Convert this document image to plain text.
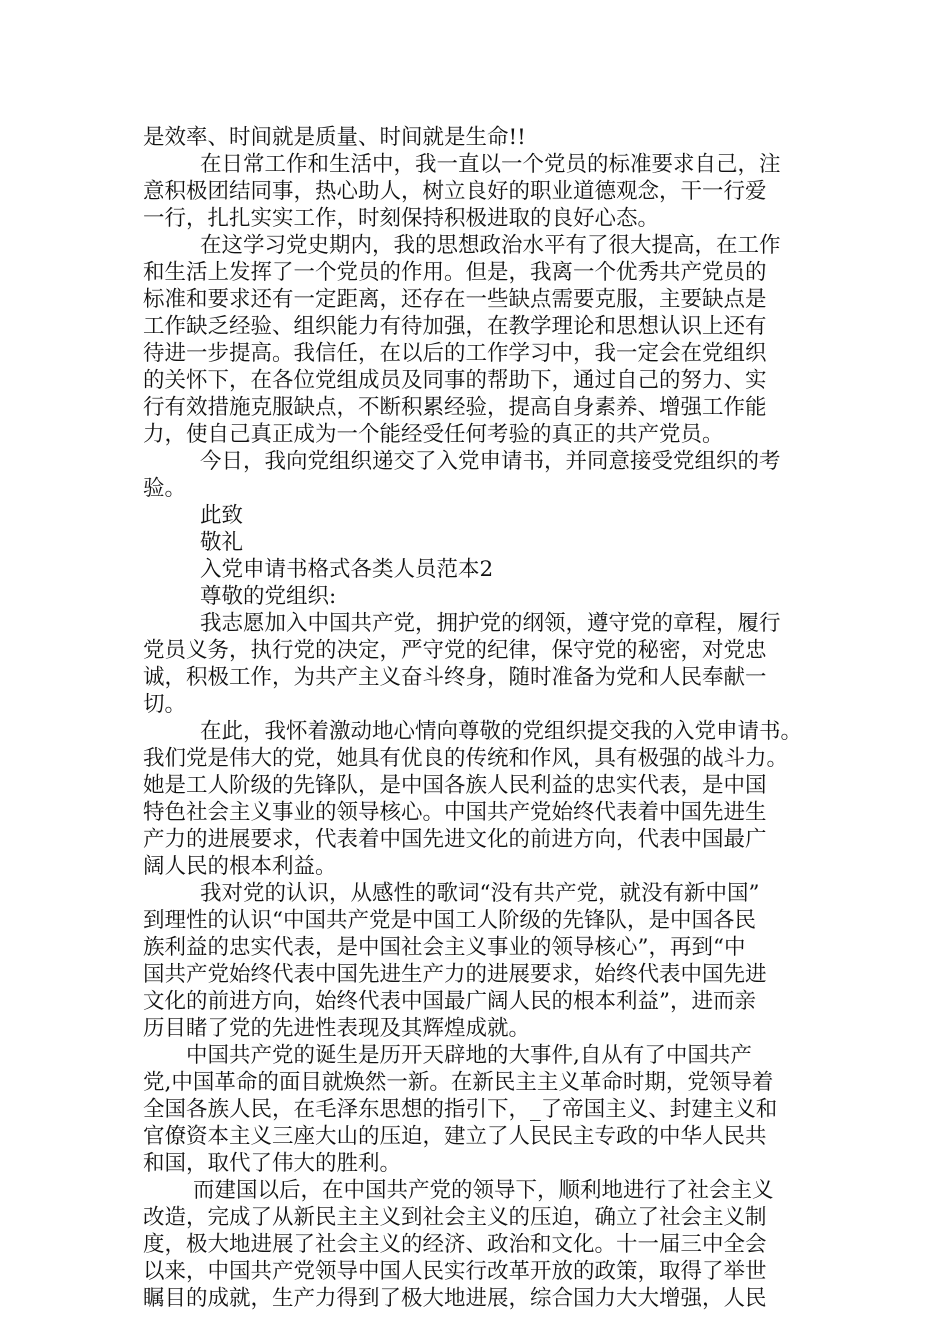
是效率、时间就是质量、时间就是生命!!
在日常工作和生活中，我一直以一个党员的标准要求自己，注
意积极团结同事，热心助人，树立良好的职业道德观念，干一行爱
一行，扎扎实实工作，时刻保持积极进取的良好心态。
在这学习党史期内，我的思想政治水平有了很大提高，在工作
和生活上发挥了一个党员的作用。但是，我离一个优秀共产党员的
标准和要求还有一定距离，还存在一些缺点需要克服，主要缺点是
工作缺乏经验、组织能力有待加强，在教学理论和思想认识上还有
待进一步提高。我信任，在以后的工作学习中，我一定会在党组织
的关怀下，在各位党组成员及同事的帮助下，通过自己的努力、实
行有效措施克服缺点，不断积累经验，提高自身素养、增强工作能
力，使自己真正成为一个能经受任何考验的真正的共产党员。
今日，我向党组织递交了入党申请书，并同意接受党组织的考
验。
此致
敬礼
入党申请书格式各类人员范本2
尊敬的党组织:
我志愿加入中国共产党，拥护党的纲领，遵守党的章程，履行
党员义务，执行党的决定，严守党的纪律，保守党的秘密，对党忠
诚，积极工作，为共产主义奋斗终身，随时准备为党和人民奉献一
切。
在此，我怀着激动地心情向尊敬的党组织提交我的入党申请书。
我们党是伟大的党，她具有优良的传统和作风，具有极强的战斗力。
她是工人阶级的先锋队，是中国各族人民利益的忠实代表，是中国
特色社会主义事业的领导核心。中国共产党始终代表着中国先进生
产力的进展要求，代表着中国先进文化的前进方向，代表中国最广
阔人民的根本利益。
我对党的认识，从感性的歌词“没有共产党，就没有新中国”
到理性的认识“中国共产党是中国工人阶级的先锋队，是中国各民
族利益的忠实代表，是中国社会主义事业的领导核心”，再到“中
国共产党始终代表中国先进生产力的进展要求，始终代表中国先进
文化的前进方向，始终代表中国最广阔人民的根本利益”，进而亲
历目睹了党的先进性表现及其辉煌成就。
中国共产党的诞生是历开天辟地的大事件,自从有了中国共产
党,中国革命的面目就焕然一新。在新民主主义革命时期，党领导着
全国各族人民，在毛泽东思想的指引下，_了帝国主义、封建主义和
官僚资本主义三座大山的压迫，建立了人民民主专政的中华人民共
和国，取代了伟大的胜利。
而建国以后，在中国共产党的领导下，顺利地进行了社会主义
改造，完成了从新民主主义到社会主义的压迫，确立了社会主义制
度，极大地进展了社会主义的经济、政治和文化。十一届三中全会
以来，中国共产党领导中国人民实行改革开放的政策，取得了举世
瞩目的成就，生产力得到了极大地进展，综合国力大大增强，人民
